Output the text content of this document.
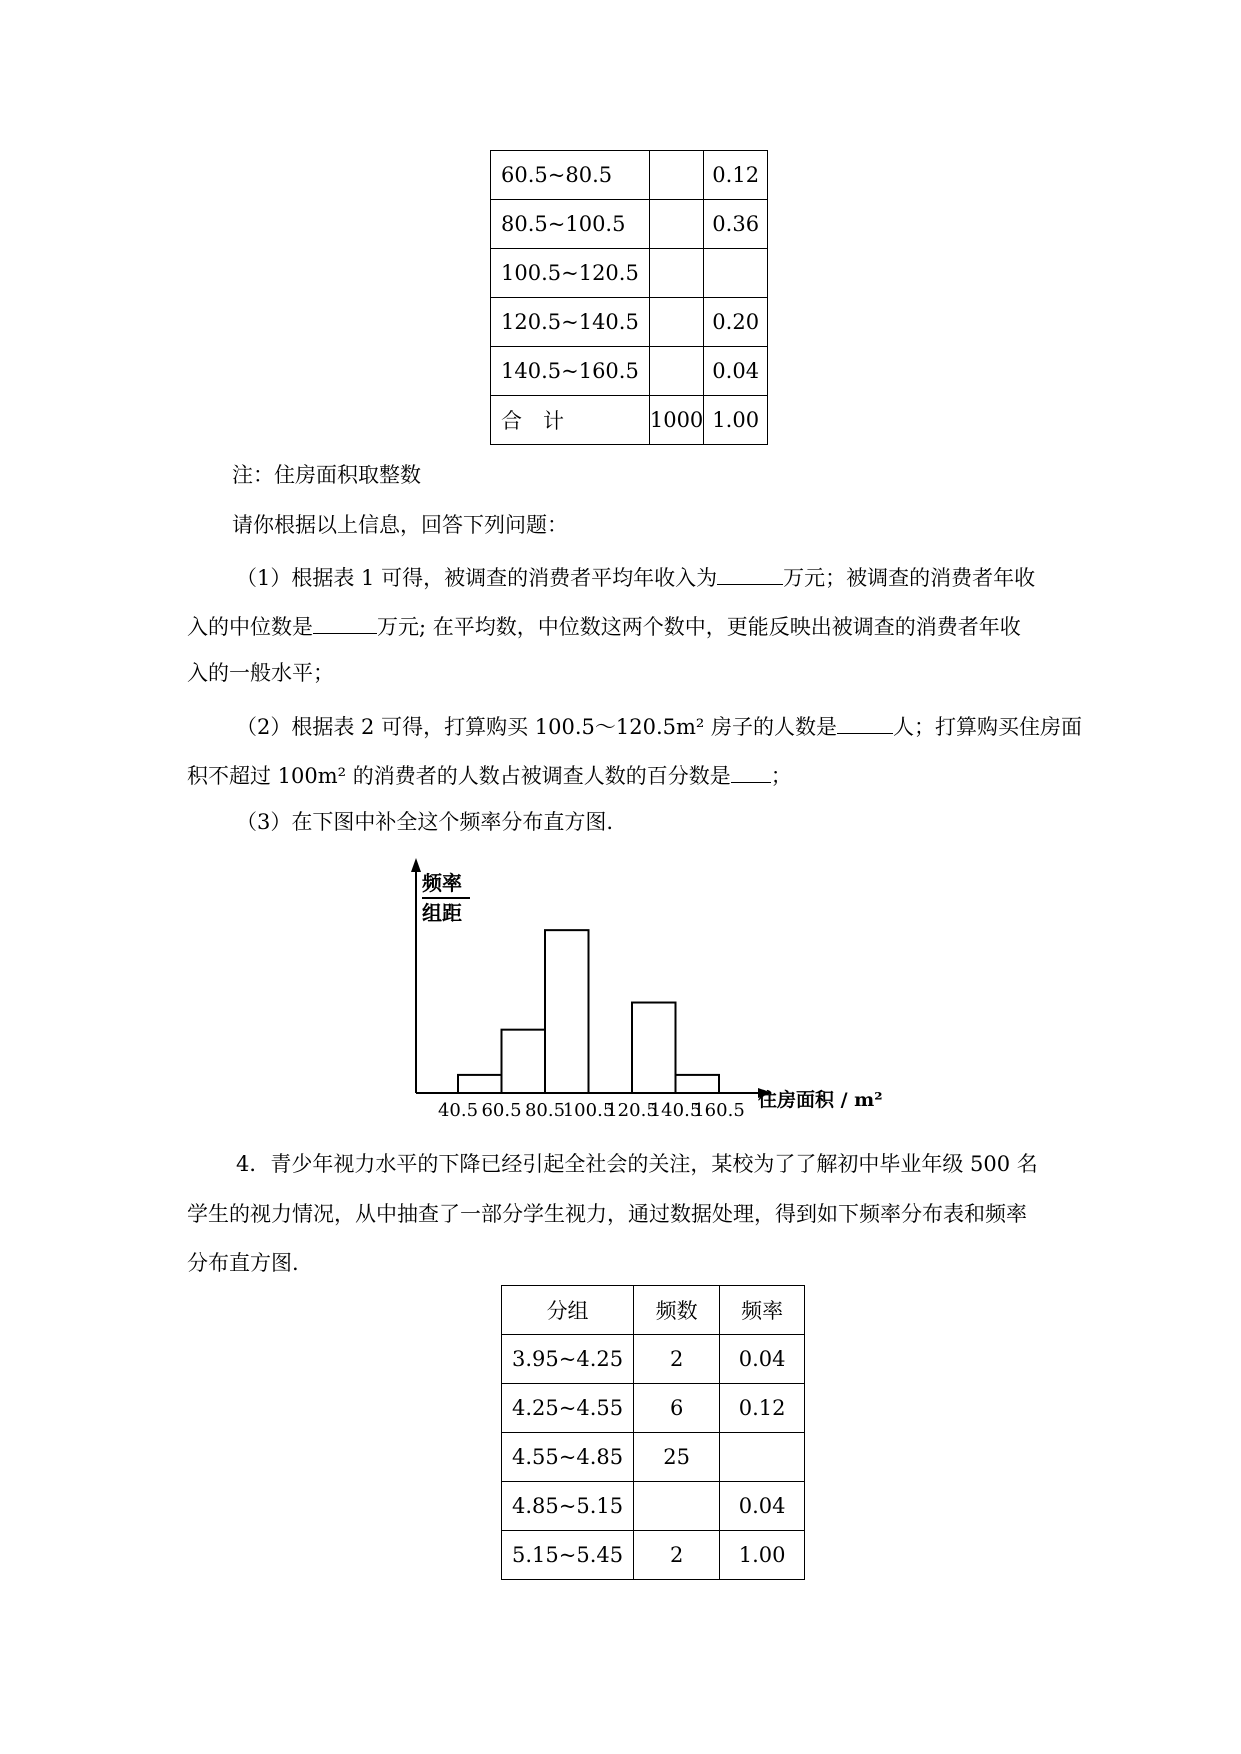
60.5~80.5		0.12
80.5~100.5		0.36
100.5~120.5		
120.5~140.5		0.20
140.5~160.5		0.04
合　计	1000	1.00
注：住房面积取整数
请你根据以上信息，回答下列问题：
（1）根据表 1 可得，被调查的消费者平均年收入为	万元；被调查的消费者年收
入的中位数是	万元; 在平均数，中位数这两个数中，更能反映出被调查的消费者年收
入的一般水平；
（2）根据表 2 可得，打算购买 100.5～120.5m² 房子的人数是	人；打算购买住房面
积不超过 100m² 的消费者的人数占被调查人数的百分数是 ；
（3）在下图中补全这个频率分布直方图.
频率
组距
40.5 60.5 80.5
100.5
120.5
140.5
160.5 住房面积 / m²
4．青少年视力水平的下降已经引起全社会的关注，某校为了了解初中毕业年级 500 名
学生的视力情况，从中抽查了一部分学生视力，通过数据处理，得到如下频率分布表和频率
分布直方图.
分组	频数	频率
3.95~4.25	2	0.04
4.25~4.55	6	0.12
4.55~4.85	25	
4.85~5.15		0.04
5.15~5.45	2	1.00
